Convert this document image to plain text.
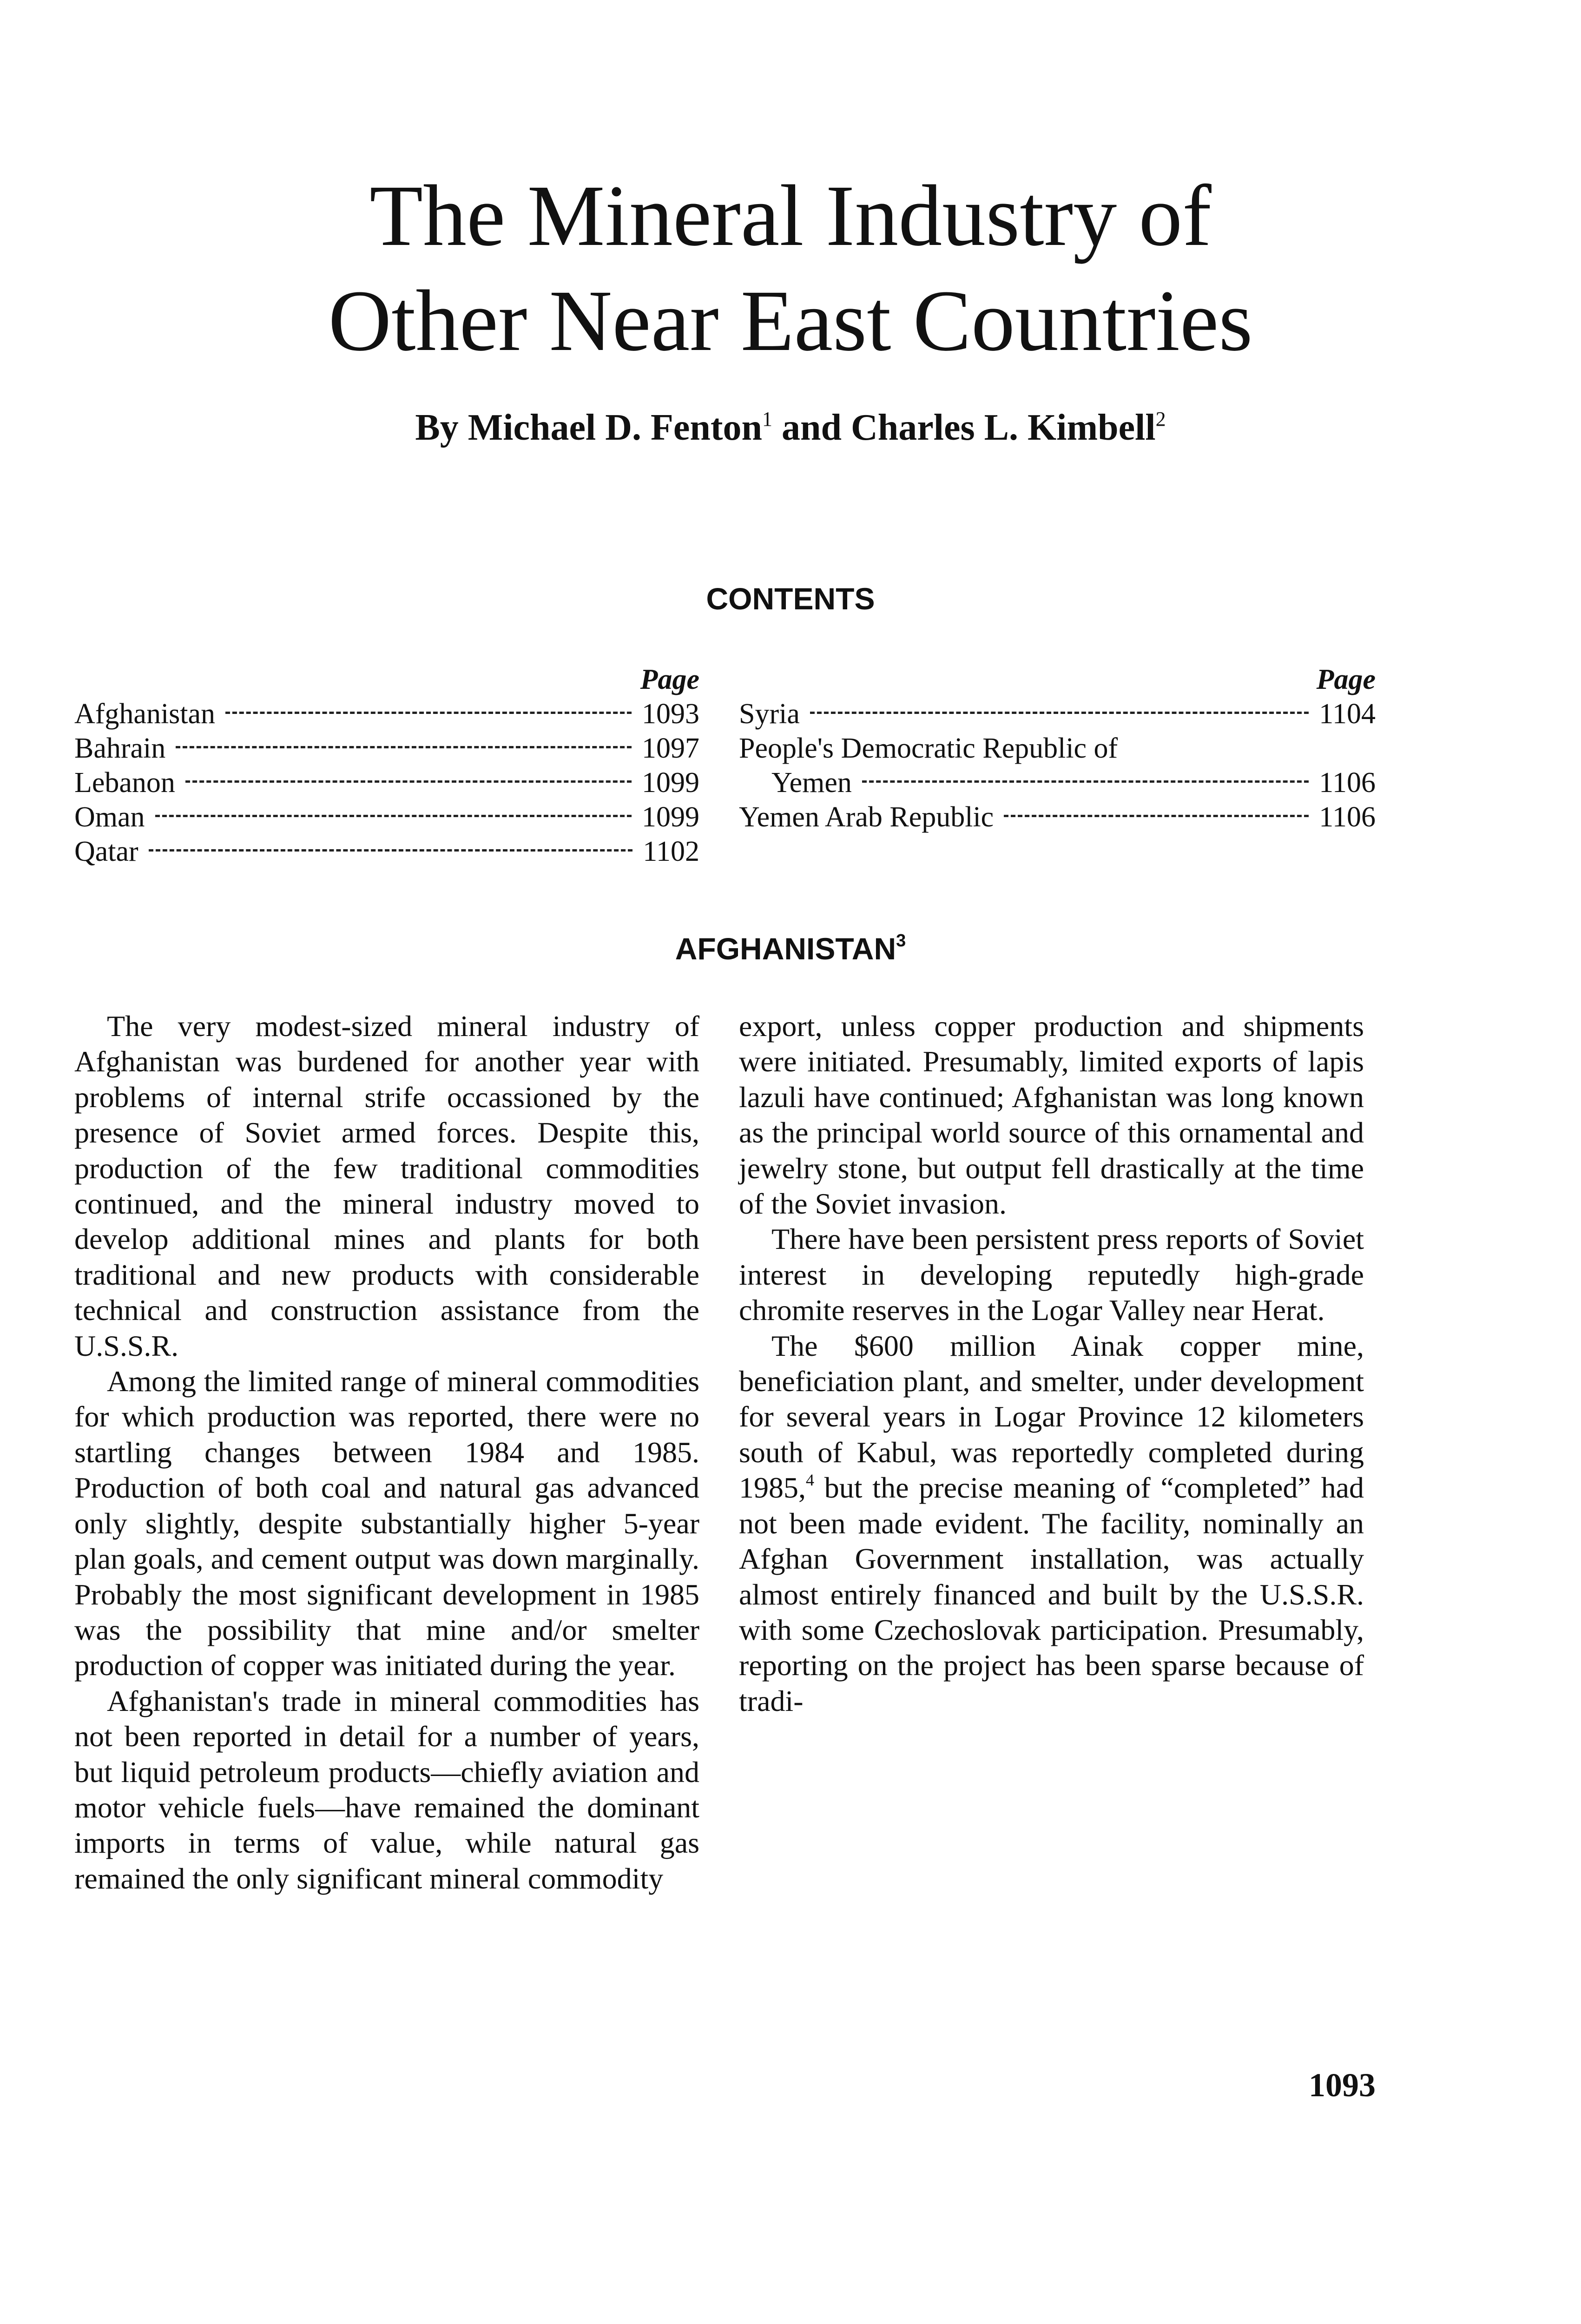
The Mineral Industry of
Other Near East Countries
By Michael D. Fenton$^1$ and Charles L. Kimbell$^2$
CONTENTS
Page
Afghanistan	1093
Bahrain	1097
Lebanon	1099
Oman	1099
Qatar	1102
Page
Syria	1104
People's Democratic Republic of
Yemen	1106
Yemen Arab Republic	1106
AFGHANISTAN$^3$

The very modest-sized mineral industry of Afghanistan was burdened for another year with problems of internal strife occassioned by the presence of Soviet armed forces. Despite this, production of the few traditional commodities continued, and the mineral industry moved to develop additional mines and plants for both traditional and new products with considerable technical and construction assistance from the U.S.S.R.

Among the limited range of mineral commodities for which production was reported, there were no startling changes between 1984 and 1985. Production of both coal and natural gas advanced only slightly, despite substantially higher 5-year plan goals, and cement output was down marginally. Probably the most significant development in 1985 was the possibility that mine and/or smelter production of copper was initiated during the year.

Afghanistan's trade in mineral commodities has not been reported in detail for a number of years, but liquid petroleum products—chiefly aviation and motor vehicle fuels—have remained the dominant imports in terms of value, while natural gas remained the only significant mineral commodity

export, unless copper production and shipments were initiated. Presumably, limited exports of lapis lazuli have continued; Afghanistan was long known as the principal world source of this ornamental and jewelry stone, but output fell drastically at the time of the Soviet invasion.

There have been persistent press reports of Soviet interest in developing reputedly high-grade chromite reserves in the Logar Valley near Herat.

The $600 million Ainak copper mine, beneficiation plant, and smelter, under development for several years in Logar Province 12 kilometers south of Kabul, was reportedly completed during 1985,$^4$ but the precise meaning of “completed” had not been made evident. The facility, nominally an Afghan Government installation, was actually almost entirely financed and built by the U.S.S.R. with some Czechoslovak participation. Presumably, reporting on the project has been sparse because of tradi-

1093
